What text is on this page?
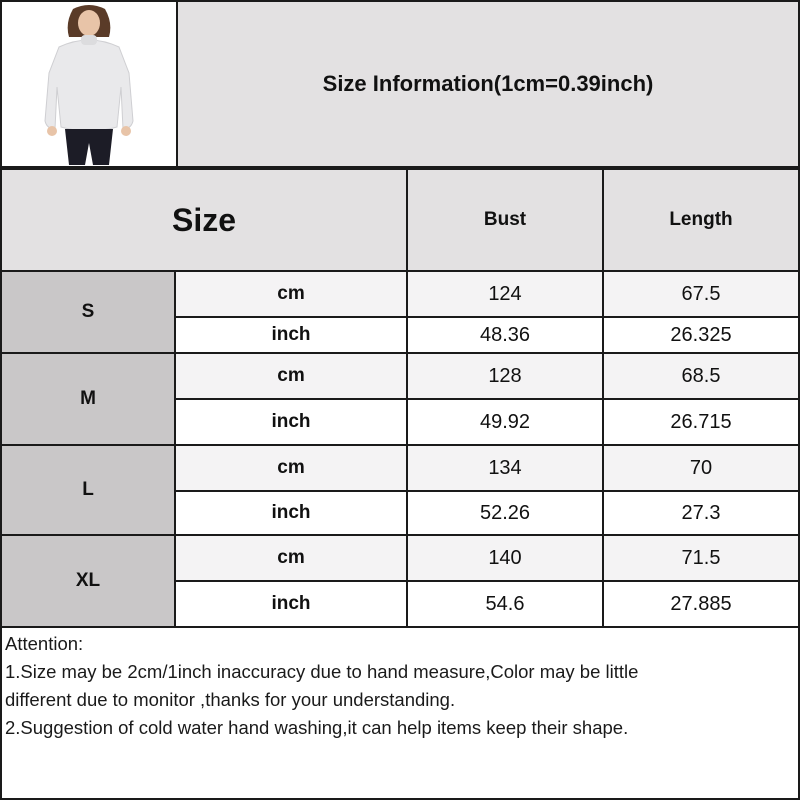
Size Information(1cm=0.39inch)
Size	Bust	Length
S
cm	124	67.5
inch	48.36	26.325
M
cm	128	68.5
inch	49.92	26.715
L
cm	134	70
inch	52.26	27.3
XL
cm	140	71.5
inch	54.6	27.885

Attention:

1.Size may be 2cm/1inch inaccuracy due to hand measure,Color may be little

different due to monitor ,thanks for your understanding.

2.Suggestion of cold water hand washing,it can help items keep their shape.
